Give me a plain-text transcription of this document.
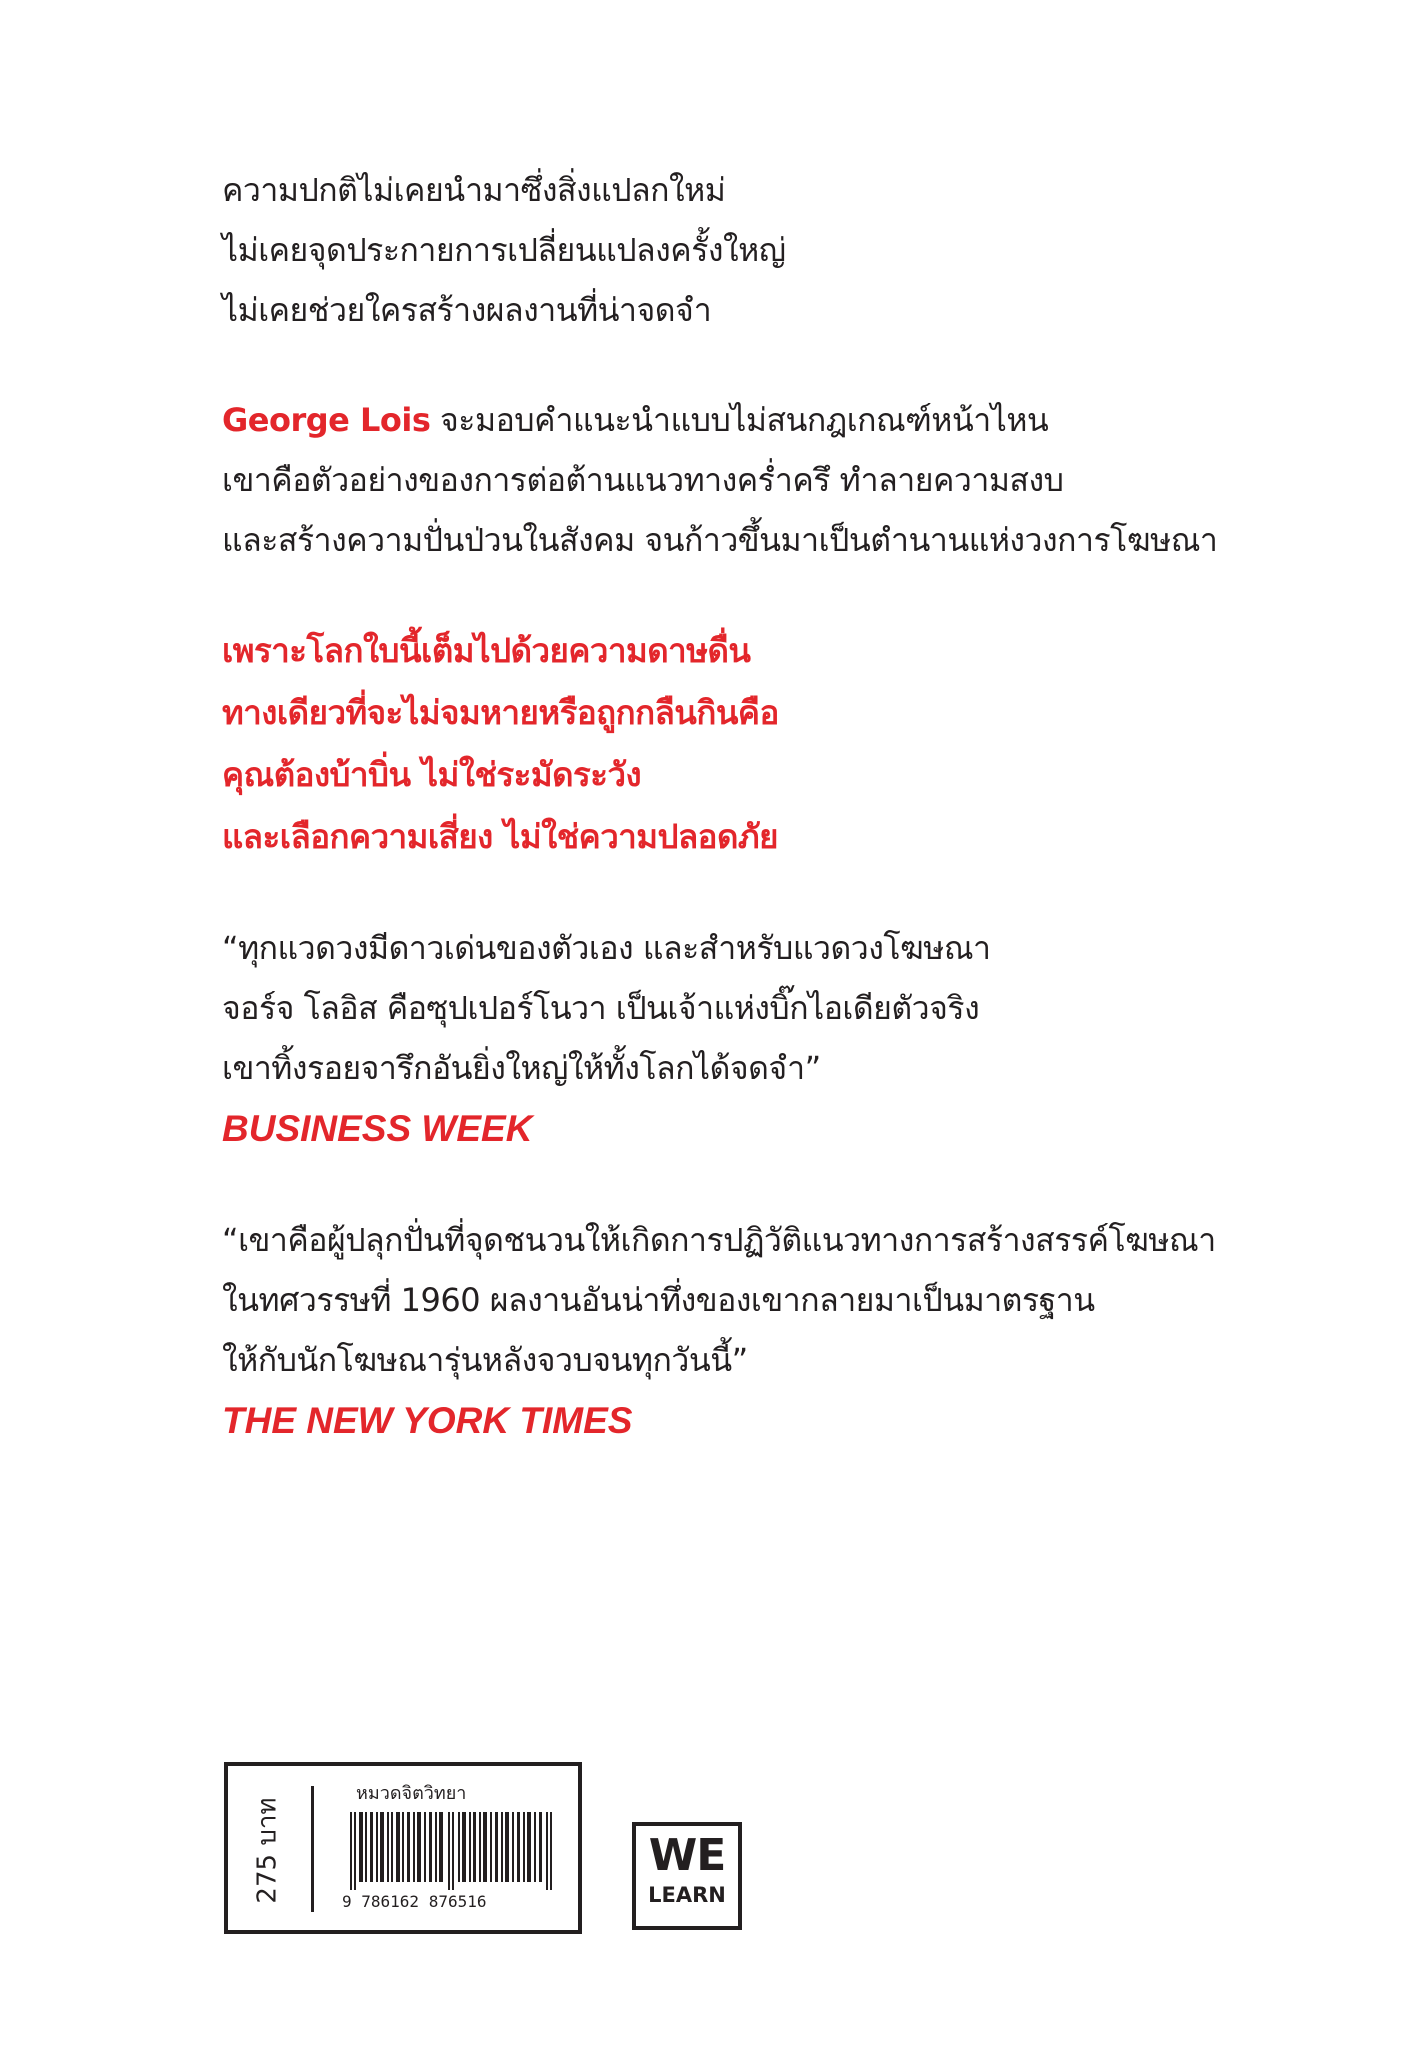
ความปกติไม่เคยนำมาซึ่งสิ่งแปลกใหม่
ไม่เคยจุดประกายการเปลี่ยนแปลงครั้งใหญ่
ไม่เคยช่วยใครสร้างผลงานที่น่าจดจำ
George Lois จะมอบคำแนะนำแบบไม่สนกฎเกณฑ์หน้าไหน
เขาคือตัวอย่างของการต่อต้านแนวทางคร่ำครึ ทำลายความสงบ
และสร้างความปั่นป่วนในสังคม จนก้าวขึ้นมาเป็นตำนานแห่งวงการโฆษณา
เพราะโลกใบนี้เต็มไปด้วยความดาษดื่น
ทางเดียวที่จะไม่จมหายหรือถูกกลืนกินคือ
คุณต้องบ้าบิ่น ไม่ใช่ระมัดระวัง
และเลือกความเสี่ยง ไม่ใช่ความปลอดภัย
“ทุกแวดวงมีดาวเด่นของตัวเอง และสำหรับแวดวงโฆษณา
จอร์จ โลอิส คือซุปเปอร์โนวา เป็นเจ้าแห่งบิ๊กไอเดียตัวจริง
เขาทิ้งรอยจารึกอันยิ่งใหญ่ให้ทั้งโลกได้จดจำ”
BUSINESS WEEK
“เขาคือผู้ปลุกปั่นที่จุดชนวนให้เกิดการปฏิวัติแนวทางการสร้างสรรค์โฆษณา
ในทศวรรษที่ 1960 ผลงานอันน่าทึ่งของเขากลายมาเป็นมาตรฐาน
ให้กับนักโฆษณารุ่นหลังจวบจนทุกวันนี้”
THE NEW YORK TIMES
275 บาท
หมวดจิตวิทยา
9 786162 876516
WE
LEARN
